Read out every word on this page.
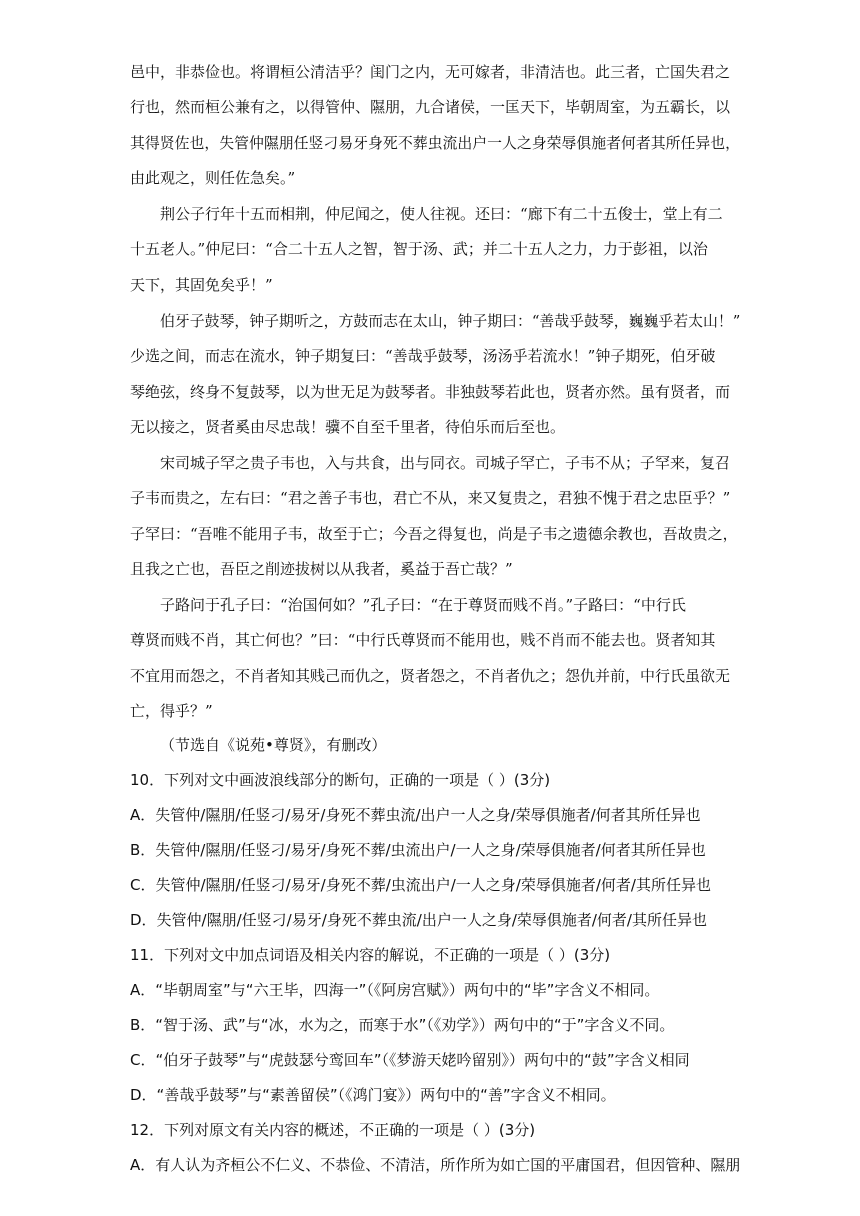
邑中，非恭俭也。将谓桓公清洁乎？闺门之内，无可嫁者，非清洁也。此三者，亡国失君之
行也，然而桓公兼有之，以得管仲、隰朋，九合诸侯，一匡天下，毕朝周室，为五霸长，以
其得贤佐也，失管仲隰朋任竖刁易牙身死不葬虫流出户一人之身荣辱俱施者何者其所任异也，
由此观之，则任佐急矣。”
荆公子行年十五而相荆，仲尼闻之，使人往视。还曰：“廊下有二十五俊士，堂上有二
十五老人。”仲尼曰：“合二十五人之智，智于汤、武；并二十五人之力，力于彭祖，以治
天下，其固免矣乎！”
伯牙子鼓琴，钟子期听之，方鼓而志在太山，钟子期曰：“善哉乎鼓琴，巍巍乎若太山！”
少选之间，而志在流水，钟子期复曰：“善哉乎鼓琴，汤汤乎若流水！”钟子期死，伯牙破
琴绝弦，终身不复鼓琴，以为世无足为鼓琴者。非独鼓琴若此也，贤者亦然。虽有贤者，而
无以接之，贤者奚由尽忠哉！骥不自至千里者，待伯乐而后至也。
宋司城子罕之贵子韦也，入与共食，出与同衣。司城子罕亡，子韦不从；子罕来，复召
子韦而贵之，左右曰：“君之善子韦也，君亡不从，来又复贵之，君独不愧于君之忠臣乎？”
子罕曰：“吾唯不能用子韦，故至于亡；今吾之得复也，尚是子韦之遗德余教也，吾故贵之，
且我之亡也，吾臣之削迹拔树以从我者，奚益于吾亡哉？”
子路问于孔子曰：“治国何如？”孔子曰：“在于尊贤而贱不肖。”子路曰：“中行氏
尊贤而贱不肖，其亡何也？”曰：“中行氏尊贤而不能用也，贱不肖而不能去也。贤者知其
不宜用而怨之，不肖者知其贱己而仇之，贤者怨之，不肖者仇之；怨仇并前，中行氏虽欲无
亡，得乎？”
（节选自《说苑•尊贤》，有删改）
10．下列对文中画波浪线部分的断句，正确的一项是（ ）(3分)
A．失管仲/隰朋/任竖刁/易牙/身死不葬虫流/出户一人之身/荣辱俱施者/何者其所任异也
B．失管仲/隰朋/任竖刁/易牙/身死不葬/虫流出户/一人之身/荣辱俱施者/何者其所任异也
C．失管仲/隰朋/任竖刁/易牙/身死不葬/虫流出户/一人之身/荣辱俱施者/何者/其所任异也
D．失管仲/隰朋/任竖刁/易牙/身死不葬虫流/出户一人之身/荣辱俱施者/何者/其所任异也
11．下列对文中加点词语及相关内容的解说，不正确的一项是（ ）(3分)
A．“毕朝周室”与“六王毕，四海一”（《阿房宫赋》）两句中的“毕”字含义不相同。
B．“智于汤、武”与“冰，水为之，而寒于水”（《劝学》）两句中的“于”字含义不同。
C．“伯牙子鼓琴”与“虎鼓瑟兮鸾回车”（《梦游天姥吟留别》）两句中的“鼓”字含义相同
D．“善哉乎鼓琴”与“素善留侯”（《鸿门宴》）两句中的“善”字含义不相同。
12．下列对原文有关内容的概述，不正确的一项是（ ）(3分)
A．有人认为齐桓公不仁义、不恭俭、不清洁，所作所为如亡国的平庸国君，但因管种、隰朋
